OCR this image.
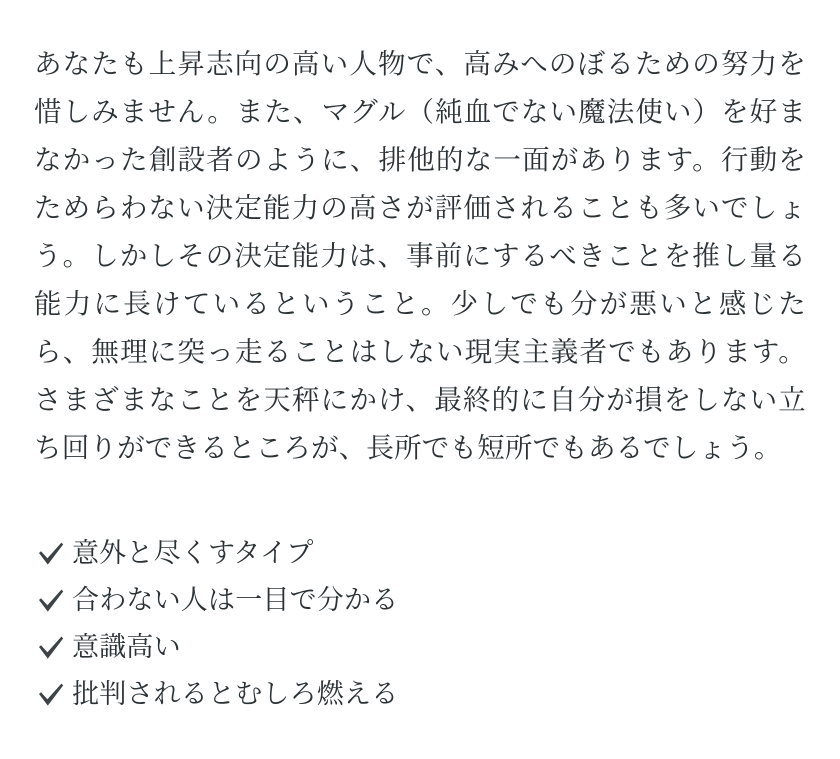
あなたも上昇志向の高い人物で、高みへのぼるための努力を惜しみません。また、マグル（純血でない魔法使い）を好まなかった創設者のように、排他的な一面があります。行動をためらわない決定能力の高さが評価されることも多いでしょう。しかしその決定能力は、事前にするべきことを推し量る能力に長けているということ。少しでも分が悪いと感じたら、無理に突っ走ることはしない現実主義者でもあります。さまざまなことを天秤にかけ、最終的に自分が損をしない立ち回りができるところが、長所でも短所でもあるでしょう。

意外と尽くすタイプ
合わない人は一目で分かる
意識高い
批判されるとむしろ燃える
